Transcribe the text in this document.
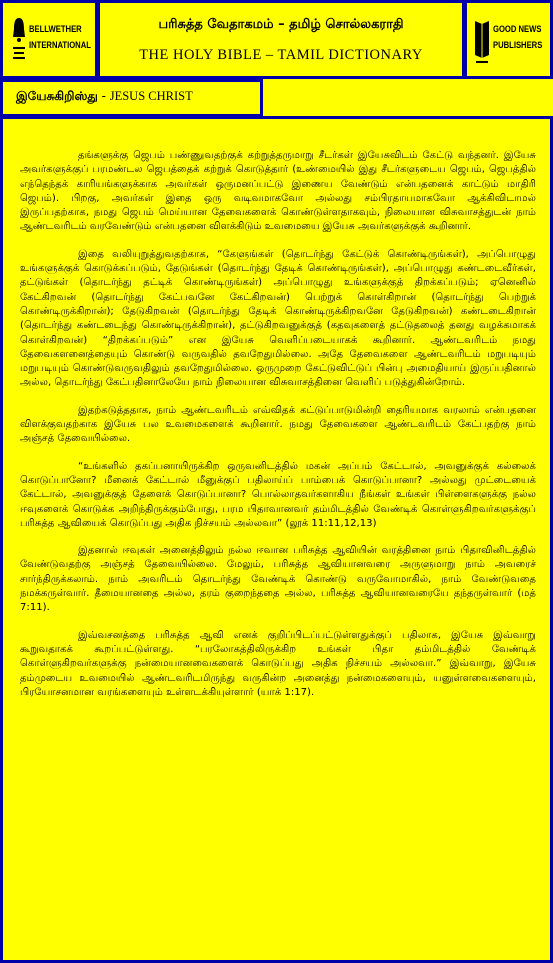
BELLWETHER
INTERNATIONAL
பரிசுத்த வேதாகமம் – தமிழ் சொல்லகராதி
THE HOLY BIBLE – TAMIL DICTIONARY
GOOD NEWS
PUBLISHERS
இயேசுகிறிஸ்து - JESUS CHRIST

தங்களுக்கு ஜெபம் பண்ணுவதற்குக் கற்றுத்தருமாறு சீடர்கள் இயேசுவிடம் கேட்டு வந்தனர். இயேசு அவர்களுக்குப் பரமண்டல ஜெபத்தைக் கற்றுக் கொடுத்தார் (உண்மையில் இது சீடர்களுடைய ஜெபம், ஜெபத்தில் எந்தெந்தக் காரியங்களுக்காக அவர்கள் ஒருமனப்பட்டு இணைய வேண்டும் என்பதனைக் காட்டும் மாதிரி ஜெபம்). பிறகு, அவர்கள் இதை ஒரு வடிவமாகவோ அல்லது சம்பிரதாயமாகவோ ஆக்கிவிடாமல் இருப்பதற்காக, நமது ஜெபம் மெய்யான தேவைகளைக் கொண்டுள்ளதாகவும், நிலையான விசுவாசத்துடன் நாம் ஆண்டவரிடம் வரவேண்டும் என்பதனை விளக்கிடும் உவமையை இயேசு அவர்களுக்குக் கூறினார்.

இதை வலியுறுத்துவதற்காக, “கேளுங்கள் (தொடர்ந்து கேட்டுக் கொண்டிருங்கள்), அப்பொழுது உங்களுக்குக் கொடுக்கப்படும், தேடுங்கள் (தொடர்ந்து தேடிக் கொண்டிருங்கள்), அப்பொழுது கண்டடைவீர்கள், தட்டுங்கள் (தொடர்ந்து தட்டிக் கொண்டிருங்கள்) அப்பொழுது உங்களுக்குத் திறக்கப்படும்; ஏனெனில் கேட்கிறவன் (தொடர்ந்து கேட்பவனே கேட்கிறவன்) பெற்றுக் கொள்கிறான் (தொடர்ந்து பெற்றுக் கொண்டிருக்கிறான்); தேடுகிறவன் (தொடர்ந்து தேடிக் கொண்டிருக்கிறவனே தேடுகிறவன்) கண்டடைகிறான் (தொடர்ந்து கண்டடைந்து கொண்டிருக்கிறான்), தட்டுகிறவனுக்குத் (கதவுகளைத் தட்டுதலைத் தனது வழக்கமாகக் கொள்கிறவன்) “திறக்கப்படும்” என இயேசு வெளிப்படையாகக் கூறினார். ஆண்டவரிடம் நமது தேவைகளனைத்தையும் கொண்டு வருவதில் தவறேதுமில்லை. அதே தேவைகளை ஆண்டவரிடம் மறுபடியும் மறுபடியும் கொண்டுவருவதிலும் தவறேதுமில்லை. ஒருமுறை கேட்டுவிட்டுப் பின்பு அமைதியாய் இருப்பதினால் அல்ல, தொடர்ந்து கேட்பதினாலேயே நாம் நிலையான விசுவாசத்தினை வெளிப் படுத்துகின்றோம்.

இதற்கடுத்ததாக, நாம் ஆண்டவரிடம் எவ்விதக் கட்டுப்பாடுமின்றி தைரியமாக வரலாம் என்பதனை விளக்குவதற்காக இயேசு பல உவமைகளைக் கூறினார். நமது தேவைகளை ஆண்டவரிடம் கேட்பதற்கு நாம் அஞ்சத் தேவையில்லை.

“உங்களில் தகப்பனாயிருக்கிற ஒருவனிடத்தில் மகன் அப்பம் கேட்டால், அவனுக்குக் கல்லைக் கொடுப்பானோ? மீனைக் கேட்டால் மீனுக்குப் பதிலாய்ப் பாம்பைக் கொடுப்பானா? அல்லது முட்டையைக் கேட்டால், அவனுக்குத் தேளைக் கொடுப்பானா? பொல்லாதவர்களாகிய நீங்கள் உங்கள் பிள்ளைகளுக்கு நல்ல ஈவுகளைக் கொடுக்க அறிந்திருக்கும்போது, பரம பிதாவானவர் தம்மிடத்தில் வேண்டிக் கொள்ளுகிறவர்களுக்குப் பரிசுத்த ஆவியைக் கொடுப்பது அதிக நிச்சயம் அல்லவா” (லூக் 11:11,12,13)

இதனால் ஈவுகள் அனைத்திலும் நல்ல ஈவான பரிசுத்த ஆவியின் வரத்தினை நாம் பிதாவினிடத்தில் வேண்டுவதற்கு அஞ்சத் தேவையில்லை. மேலும், பரிசுத்த ஆவியானவரை அருளுமாறு நாம் அவரைச் சார்ந்திருக்கலாம். நாம் அவரிடம் தொடர்ந்து வேண்டிக் கொண்டு வருவோமாகில், நாம் வேண்டுவதை நமக்கருள்வார். தீமையானதை அல்ல, தரம் குறைந்ததை அல்ல, பரிசுத்த ஆவியானவரையே தந்தருள்வார் (மத் 7:11).

இவ்வசனத்தை பரிசுத்த ஆவி எனக் குறிப்பிடப்பட்டுள்ளதுக்குப் பதிலாக, இயேசு இவ்வாறு கூறுவதாகக் கூறப்பட்டுள்ளது. “பரலோகத்திலிருக்கிற உங்கள் பிதா தம்மிடத்தில் வேண்டிக் கொள்ளுகிறவர்களுக்கு நன்மையானவைகளைக் கொடுப்பது அதிக நிச்சயம் அல்லவா.” இவ்வாறு, இயேசு தம்முடைய உவமையில் ஆண்டவரிடமிருந்து வருகின்ற அனைத்து நன்மைகளையும், யனுள்ளவைகளையும், பிரயோசனமான வரங்களையும் உள்ளடக்கியுள்ளார் (யாக் 1:17).
